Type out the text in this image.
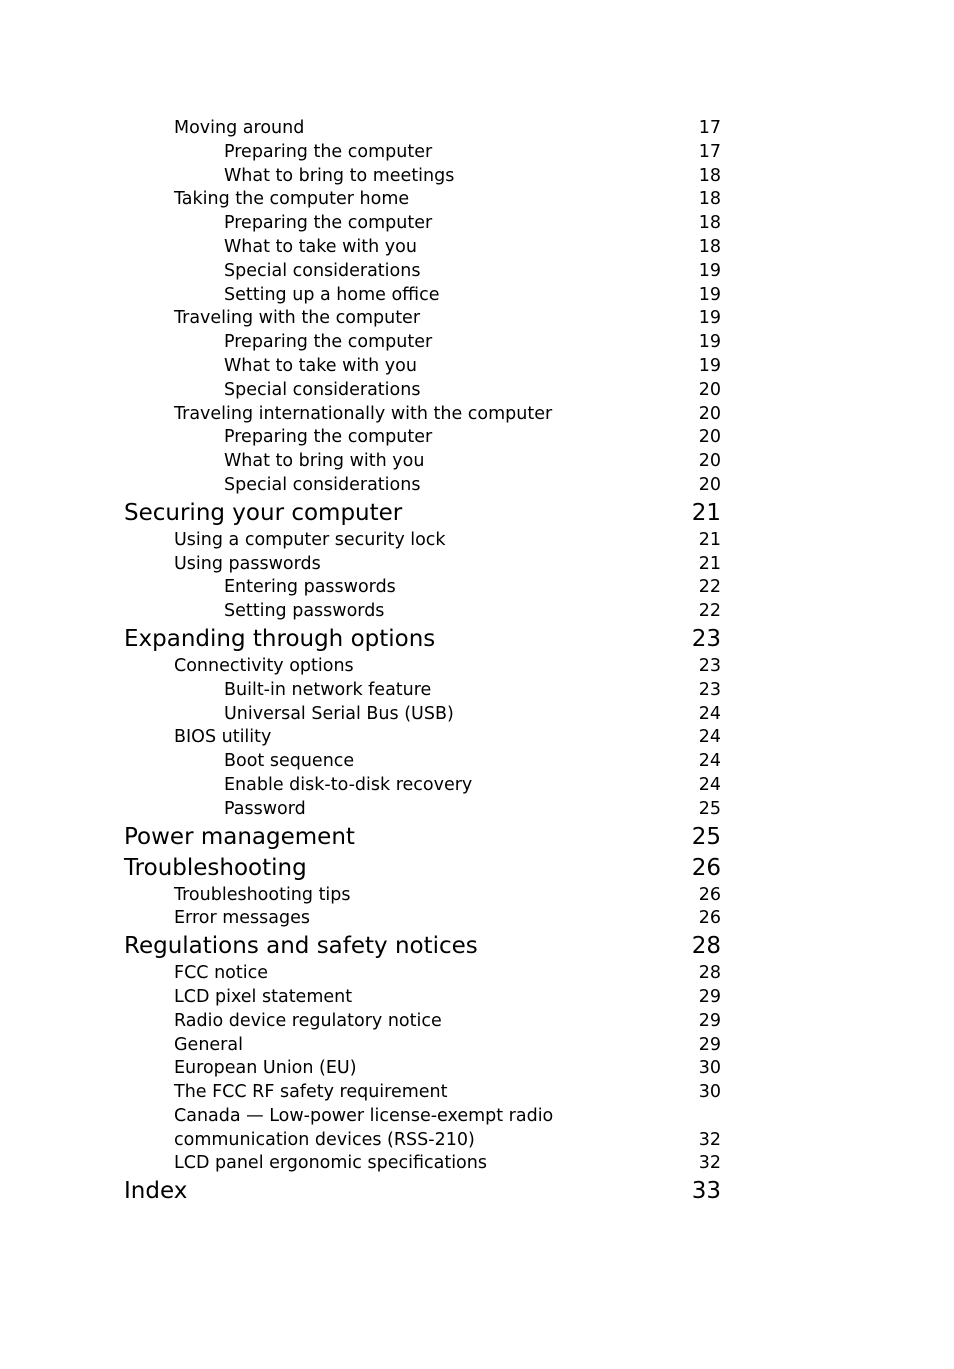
Moving around	17
Preparing the computer	17
What to bring to meetings	18
Taking the computer home	18
Preparing the computer	18
What to take with you	18
Special considerations	19
Setting up a home office	19
Traveling with the computer	19
Preparing the computer	19
What to take with you	19
Special considerations	20
Traveling internationally with the computer	20
Preparing the computer	20
What to bring with you	20
Special considerations	20
Securing your computer	21
Using a computer security lock	21
Using passwords	21
Entering passwords	22
Setting passwords	22
Expanding through options	23
Connectivity options	23
Built-in network feature	23
Universal Serial Bus (USB)	24
BIOS utility	24
Boot sequence	24
Enable disk-to-disk recovery	24
Password	25
Power management	25
Troubleshooting	26
Troubleshooting tips	26
Error messages	26
Regulations and safety notices	28
FCC notice	28
LCD pixel statement	29
Radio device regulatory notice	29
General	29
European Union (EU)	30
The FCC RF safety requirement	30
Canada — Low-power license-exempt radio
communication devices (RSS-210)	32
LCD panel ergonomic specifications	32
Index	33
